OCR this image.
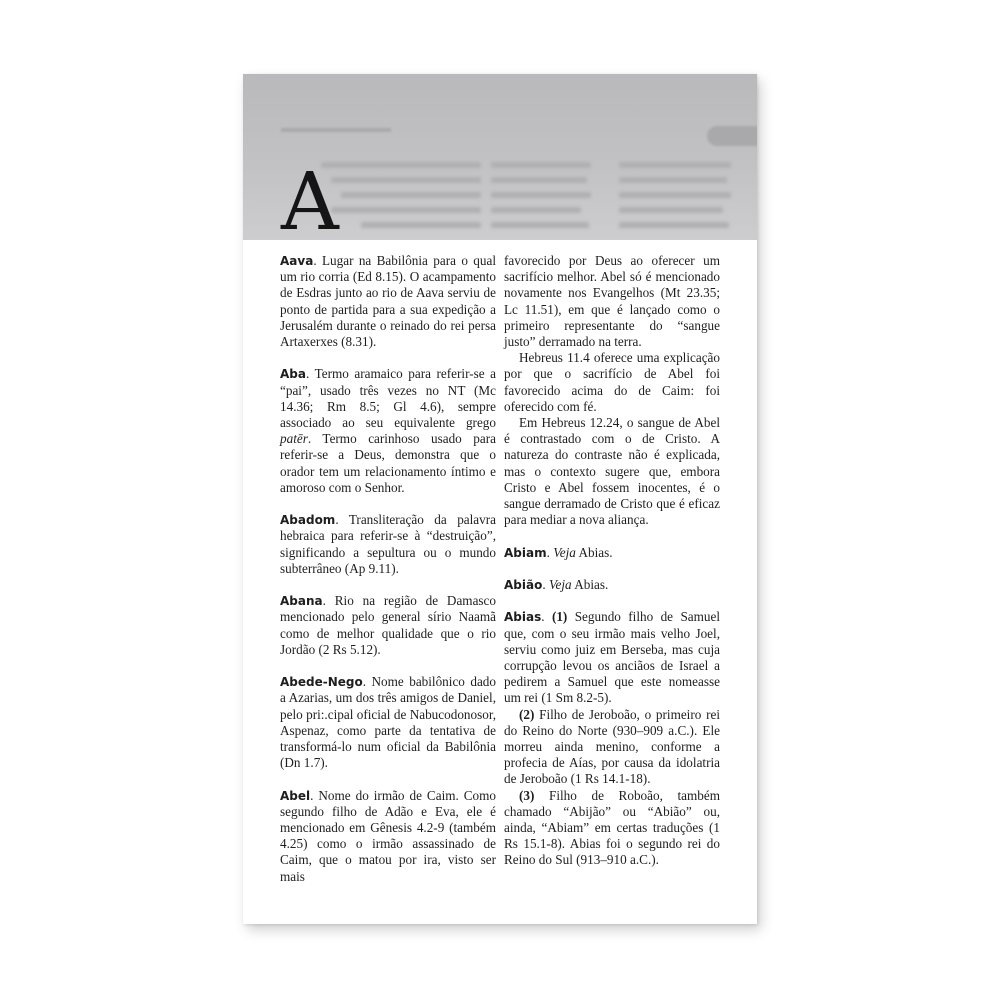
A

Aava. Lugar na Babilônia para o qual um rio corria (Ed 8.15). O acampamento de Esdras junto ao rio de Aava serviu de ponto de partida para a sua expedição a Jerusalém durante o reinado do rei persa Artaxerxes (8.31).

Aba. Termo aramaico para referir-se a “pai”, usado três vezes no NT (Mc 14.36; Rm 8.5; Gl 4.6), sempre associado ao seu equivalente grego patēr. Termo carinhoso usado para referir-se a Deus, demonstra que o orador tem um relacionamento íntimo e amoroso com o Senhor.

Abadom. Transliteração da palavra hebraica para referir-se à “destruição”, significando a sepultura ou o mundo subterrâneo (Ap 9.11).

Abana. Rio na região de Damasco mencionado pelo general sírio Naamã como de melhor qualidade que o rio Jordão (2 Rs 5.12).

Abede-Nego. Nome babilônico dado a Azarias, um dos três amigos de Daniel, pelo pri:.cipal oficial de Nabucodonosor, Aspenaz, como parte da tentativa de transformá-lo num oficial da Babilônia (Dn 1.7).

Abel. Nome do irmão de Caim. Como segundo filho de Adão e Eva, ele é mencionado em Gênesis 4.2-9 (também 4.25) como o irmão assassinado de Caim, que o matou por ira, visto ser mais

favorecido por Deus ao oferecer um sacrifício melhor. Abel só é mencionado novamente nos Evangelhos (Mt 23.35; Lc 11.51), em que é lançado como o primeiro representante do “sangue justo” derramado na terra.

Hebreus 11.4 oferece uma explicação por que o sacrifício de Abel foi favorecido acima do de Caim: foi oferecido com fé.

Em Hebreus 12.24, o sangue de Abel é contrastado com o de Cristo. A natureza do contraste não é explicada, mas o contexto sugere que, embora Cristo e Abel fossem inocentes, é o sangue derramado de Cristo que é eficaz para mediar a nova aliança.

Abiam. Veja Abias.

Abião. Veja Abias.

Abias. (1) Segundo filho de Samuel que, com o seu irmão mais velho Joel, serviu como juiz em Berseba, mas cuja corrupção levou os anciãos de Israel a pedirem a Samuel que este nomeasse um rei (1 Sm 8.2-5).

(2) Filho de Jeroboão, o primeiro rei do Reino do Norte (930–909 a.C.). Ele morreu ainda menino, conforme a profecia de Aías, por causa da idolatria de Jeroboão (1 Rs 14.1-18).

(3) Filho de Roboão, também chamado “Abijão” ou “Abião” ou, ainda, “Abiam” em certas traduções (1 Rs 15.1-8). Abias foi o segundo rei do Reino do Sul (913–910 a.C.).
